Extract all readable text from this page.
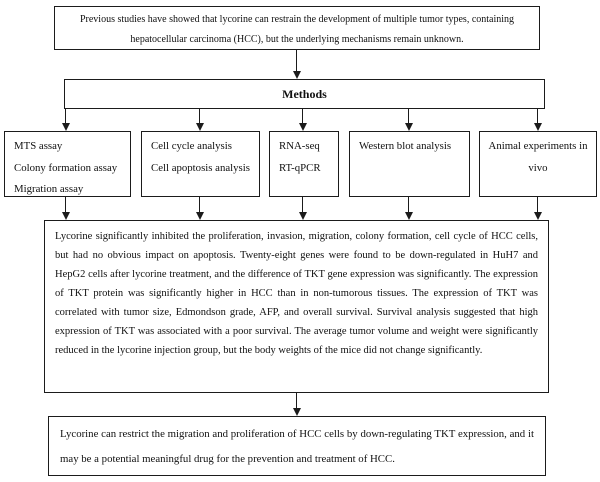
Previous studies have showed that lycorine can restrain the development of multiple tumor types, containing hepatocellular carcinoma (HCC), but the underlying mechanisms remain unknown.
Methods
MTS assay
Colony formation assay
Migration assay
Cell cycle analysis
Cell apoptosis analysis
RNA-seq
RT-qPCR
Western blot analysis	Animal experiments in vivo
Lycorine significantly inhibited the proliferation, invasion, migration, colony formation, cell cycle of HCC cells, but had no obvious impact on apoptosis. Twenty-eight genes were found to be down-regulated in HuH7 and HepG2 cells after lycorine treatment, and the difference of TKT gene expression was significantly. The expression of TKT protein was significantly higher in HCC than in non-tumorous tissues. The expression of TKT was correlated with tumor size, Edmondson grade, AFP, and overall survival. Survival analysis suggested that high expression of TKT was associated with a poor survival. The average tumor volume and weight were significantly reduced in the lycorine injection group, but the body weights of the mice did not change significantly.
Lycorine can restrict the migration and proliferation of HCC cells by down-regulating TKT expression, and it may be a potential meaningful drug for the prevention and treatment of HCC.
